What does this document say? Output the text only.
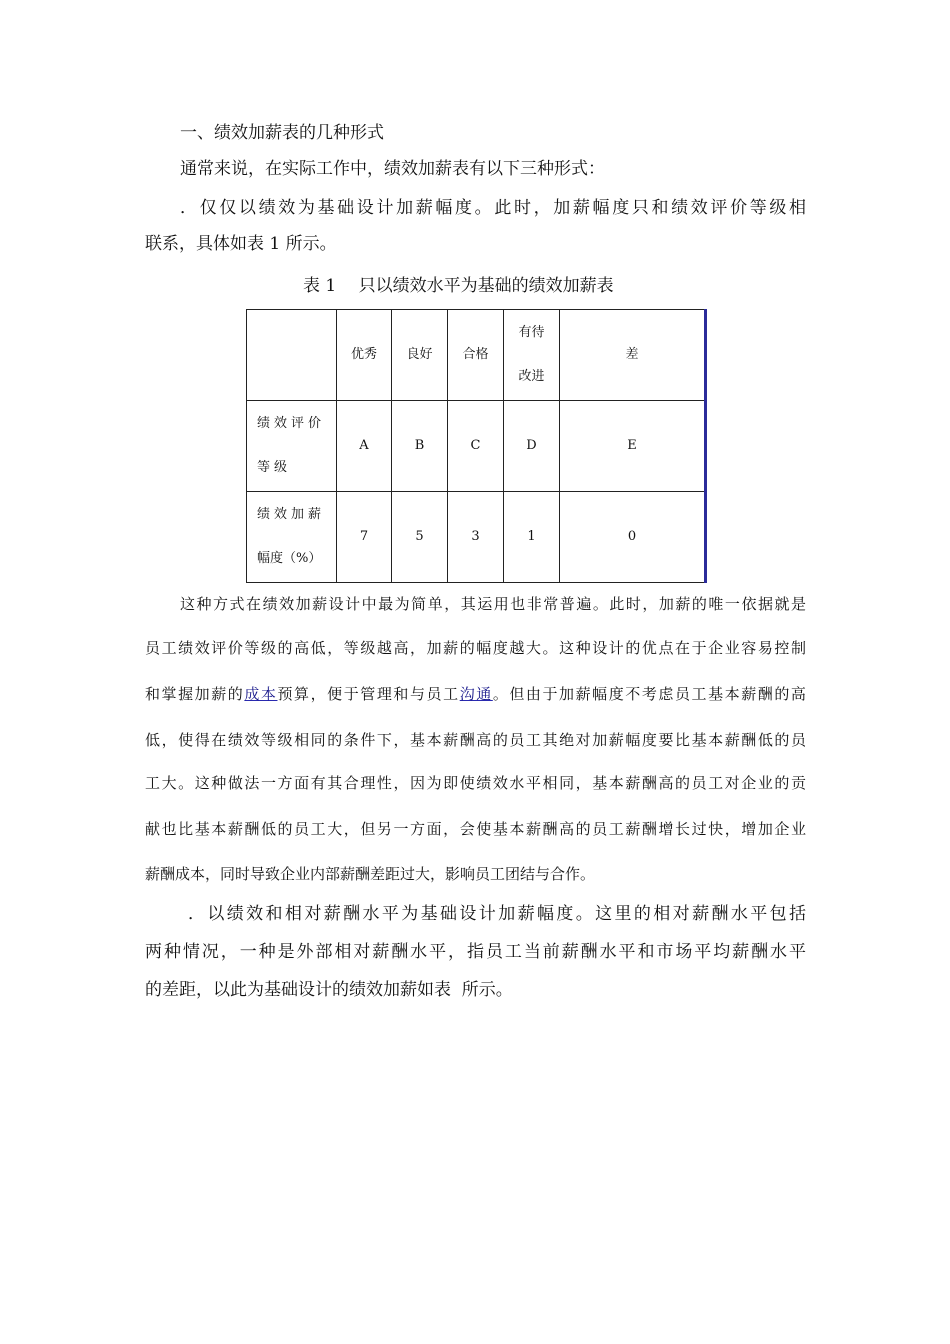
一、绩效加薪表的几种形式
通常来说，在实际工作中，绩效加薪表有以下三种形式：
．仅仅以绩效为基础设计加薪幅度。此时，加薪幅度只和绩效评价等级相
联系，具体如表 1 所示。
表 1　 只以绩效水平为基础的绩效加薪表
	优秀	良好	合格	有待
改进	差

绩效评价
等级	A	B	C	D	E

绩效加薪
幅度（%）	7	5	3	1	0
这种方式在绩效加薪设计中最为简单，其运用也非常普遍。此时，加薪的唯一依据就是
员工绩效评价等级的高低，等级越高，加薪的幅度越大。这种设计的优点在于企业容易控制
和掌握加薪的成本预算，便于管理和与员工沟通。但由于加薪幅度不考虑员工基本薪酬的高
低，使得在绩效等级相同的条件下，基本薪酬高的员工其绝对加薪幅度要比基本薪酬低的员
工大。这种做法一方面有其合理性，因为即使绩效水平相同，基本薪酬高的员工对企业的贡
献也比基本薪酬低的员工大，但另一方面，会使基本薪酬高的员工薪酬增长过快，增加企业
薪酬成本，同时导致企业内部薪酬差距过大，影响员工团结与合作。
．以绩效和相对薪酬水平为基础设计加薪幅度。这里的相对薪酬水平包括
两种情况，一种是外部相对薪酬水平，指员工当前薪酬水平和市场平均薪酬水平
的差距，以此为基础设计的绩效加薪如表  所示。
